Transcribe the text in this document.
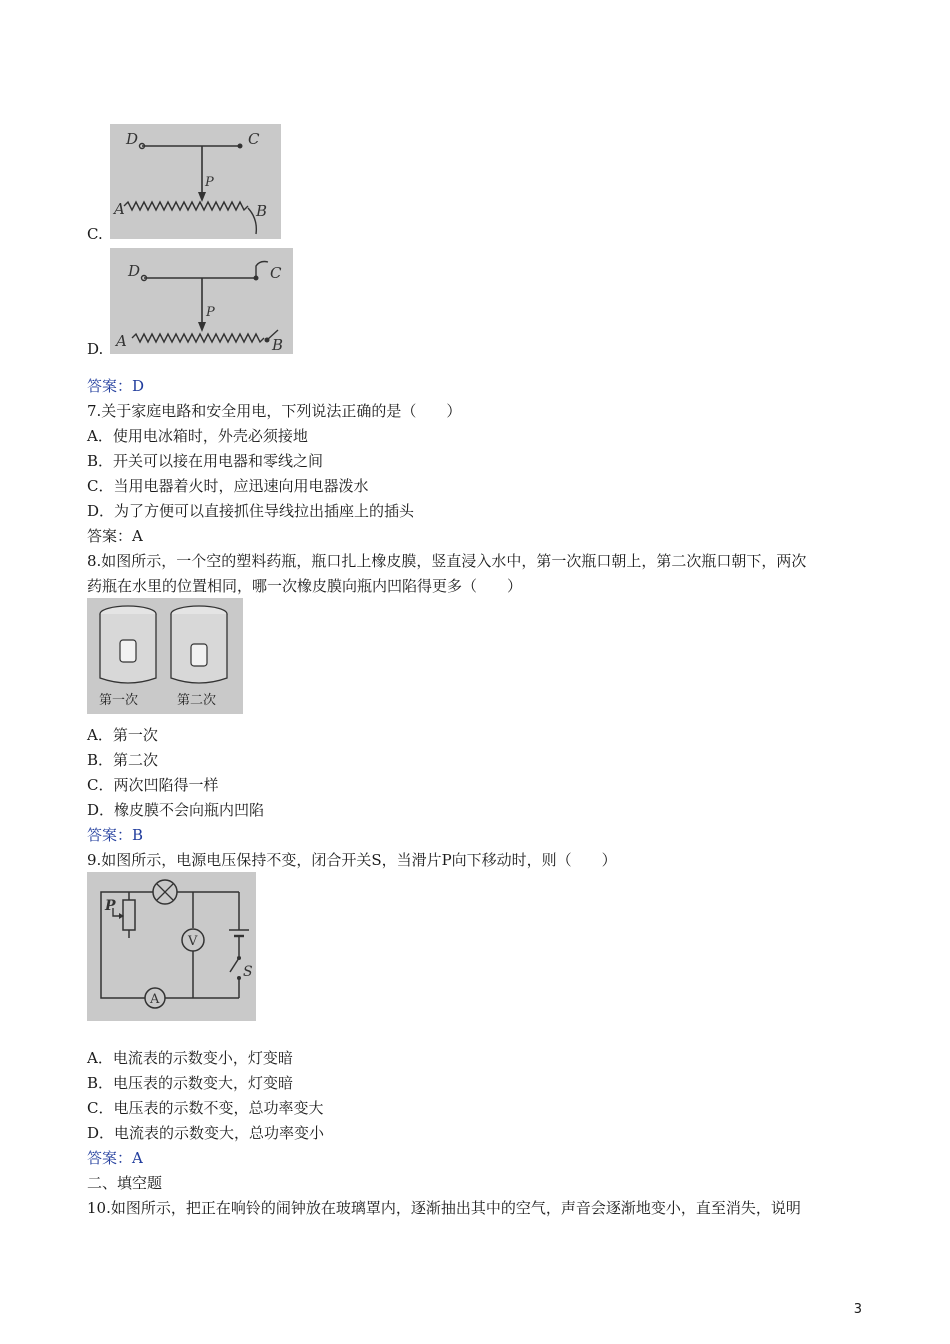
C.
D	C
P
A	B
D.
D	C
P
A	B
答案：D
7.关于家庭电路和安全用电，下列说法正确的是（　　）
A．使用电冰箱时，外壳必须接地
B．开关可以接在用电器和零线之间
C．当用电器着火时，应迅速向用电器泼水
D．为了方便可以直接抓住导线拉出插座上的插头
答案：A
8.如图所示，一个空的塑料药瓶，瓶口扎上橡皮膜，竖直浸入水中，第一次瓶口朝上，第二次瓶口朝下，两次
药瓶在水里的位置相同，哪一次橡皮膜向瓶内凹陷得更多（　　）
第一次	第二次
A．第一次
B．第二次
C．两次凹陷得一样
D．橡皮膜不会向瓶内凹陷
答案：B
9.如图所示，电源电压保持不变，闭合开关S，当滑片P向下移动时，则（　　）
P
V
A
S
A．电流表的示数变小，灯变暗
B．电压表的示数变大，灯变暗
C．电压表的示数不变，总功率变大
D．电流表的示数变大，总功率变小
答案：A
二、填空题
10.如图所示，把正在响铃的闹钟放在玻璃罩内，逐渐抽出其中的空气，声音会逐渐地变小，直至消失，说明
3
